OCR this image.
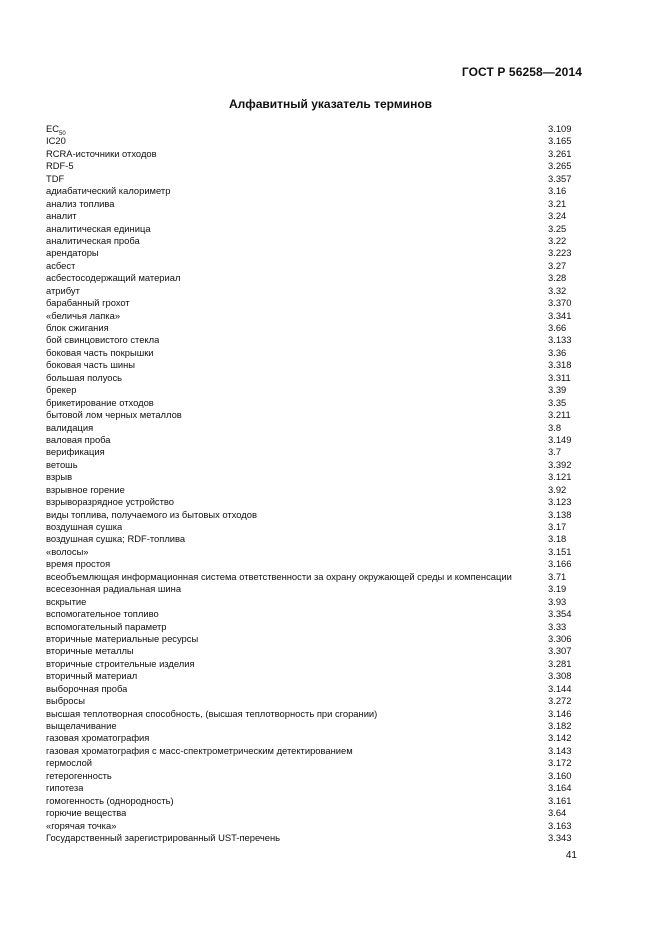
ГОСТ Р 56258—2014
Алфавитный указатель терминов
$EC_{50}$	3.109
IC20	3.165
RCRA-источники отходов	3.261
RDF-5	3.265
TDF	3.357
адиабатический калориметр	3.16
анализ топлива	3.21
аналит	3.24
аналитическая единица	3.25
аналитическая проба	3.22
арендаторы	3.223
асбест	3.27
асбестосодержащий материал	3.28
атрибут	3.32
барабанный грохот	3.370
«беличья лапка»	3.341
блок сжигания	3.66
бой свинцовистого стекла	3.133
боковая часть покрышки	3.36
боковая часть шины	3.318
большая полуось	3.311
брекер	3.39
брикетирование отходов	3.35
бытовой лом черных металлов	3.211
валидация	3.8
валовая проба	3.149
верификация	3.7
ветошь	3.392
взрыв	3.121
взрывное горение	3.92
взрыворазрядное устройство	3.123
виды топлива, получаемого из бытовых отходов	3.138
воздушная сушка	3.17
воздушная сушка; RDF-топлива	3.18
«волосы»	3.151
время простоя	3.166
всеобъемлющая информационная система ответственности за охрану окружающей среды и компенсации	3.71
всесезонная радиальная шина	3.19
вскрытие	3.93
вспомогательное топливо	3.354
вспомогательный параметр	3.33
вторичные материальные ресурсы	3.306
вторичные металлы	3.307
вторичные строительные изделия	3.281
вторичный материал	3.308
выборочная проба	3.144
выбросы	3.272
высшая теплотворная способность, (высшая теплотворность при сгорании)	3.146
выщелачивание	3.182
газовая хроматография	3.142
газовая хроматография с масс-спектрометрическим детектированием	3.143
гермослой	3.172
гетерогенность	3.160
гипотеза	3.164
гомогенность (однородность)	3.161
горючие вещества	3.64
«горячая точка»	3.163
Государственный зарегистрированный UST-перечень	3.343
41
